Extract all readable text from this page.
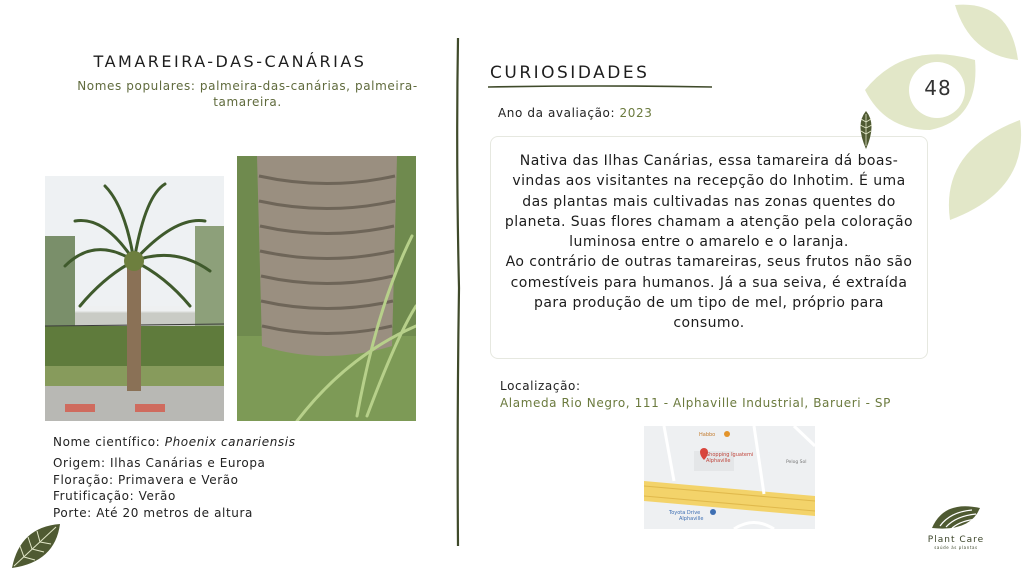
TAMAREIRA-DAS-CANÁRIAS
Nomes populares: palmeira-das-canárias, palmeira-tamareira.
Nome científico: Phoenix canariensis
Origem: Ilhas Canárias e Europa
Floração: Primavera e Verão
Frutificação: Verão
Porte: Até 20 metros de altura
CURIOSIDADES
Ano da avaliação: 2023

Nativa das Ilhas Canárias, essa tamareira dá boas-vindas aos visitantes na recepção do Inhotim. É uma das plantas mais cultivadas nas zonas quentes do planeta. Suas flores chamam a atenção pela coloração luminosa entre o amarelo e o laranja.

Ao contrário de outras tamareiras, seus frutos não são comestíveis para humanos. Já a sua seiva, é extraída para produção de um tipo de mel, próprio para consumo.

Localização:
Alameda Rio Negro, 111 - Alphaville Industrial, Barueri - SP
Habbo
Shopping Iguatemi
Alphaville	Pelog Sol
Toyota Drive
Alphaville
48
Plant Care
saúde às plantas
